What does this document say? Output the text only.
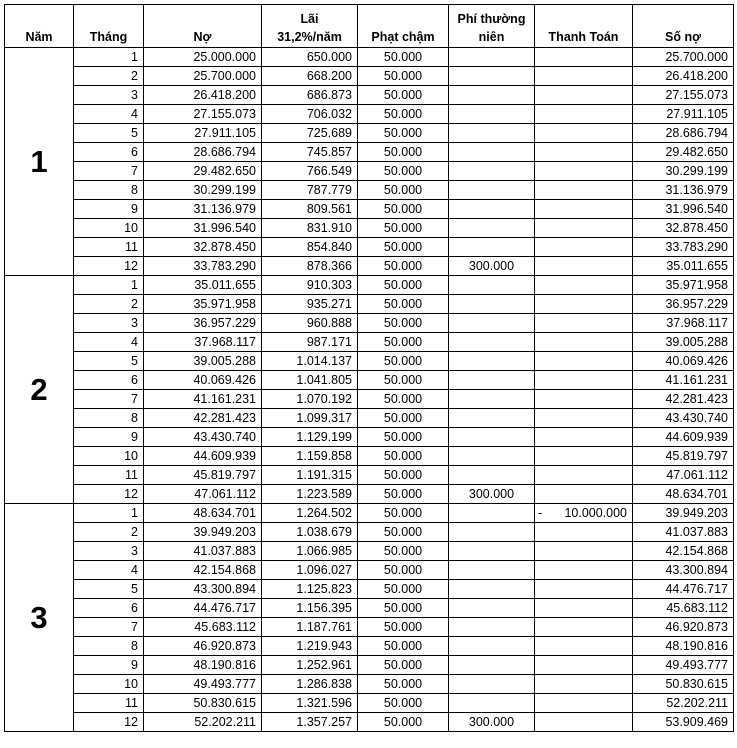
Năm	Tháng	Nợ	Lãi 31,2%/năm	Phạt chậm	Phí thường niên	Thanh Toán	Số nợ
1	1	25.000.000	650.000	50.000			25.700.000
	2	25.700.000	668.200	50.000			26.418.200
	3	26.418.200	686.873	50.000			27.155.073
	4	27.155.073	706.032	50.000			27.911.105
	5	27.911.105	725.689	50.000			28.686.794
	6	28.686.794	745.857	50.000			29.482.650
	7	29.482.650	766.549	50.000			30.299.199
	8	30.299.199	787.779	50.000			31.136.979
	9	31.136.979	809.561	50.000			31.996.540
	10	31.996.540	831.910	50.000			32.878.450
	11	32.878.450	854.840	50.000			33.783.290
	12	33.783.290	878.366	50.000	300.000		35.011.655
2	1	35.011.655	910.303	50.000			35.971.958
	2	35.971.958	935.271	50.000			36.957.229
	3	36.957.229	960.888	50.000			37.968.117
	4	37.968.117	987.171	50.000			39.005.288
	5	39.005.288	1.014.137	50.000			40.069.426
	6	40.069.426	1.041.805	50.000			41.161.231
	7	41.161.231	1.070.192	50.000			42.281.423
	8	42.281.423	1.099.317	50.000			43.430.740
	9	43.430.740	1.129.199	50.000			44.609.939
	10	44.609.939	1.159.858	50.000			45.819.797
	11	45.819.797	1.191.315	50.000			47.061.112
	12	47.061.112	1.223.589	50.000	300.000		48.634.701
3	1	48.634.701	1.264.502	50.000		- 10.000.000	39.949.203
	2	39.949.203	1.038.679	50.000			41.037.883
	3	41.037.883	1.066.985	50.000			42.154.868
	4	42.154.868	1.096.027	50.000			43.300.894
	5	43.300.894	1.125.823	50.000			44.476.717
	6	44.476.717	1.156.395	50.000			45.683.112
	7	45.683.112	1.187.761	50.000			46.920.873
	8	46.920.873	1.219.943	50.000			48.190.816
	9	48.190.816	1.252.961	50.000			49.493.777
	10	49.493.777	1.286.838	50.000			50.830.615
	11	50.830.615	1.321.596	50.000			52.202.211
	12	52.202.211	1.357.257	50.000	300.000		53.909.469
